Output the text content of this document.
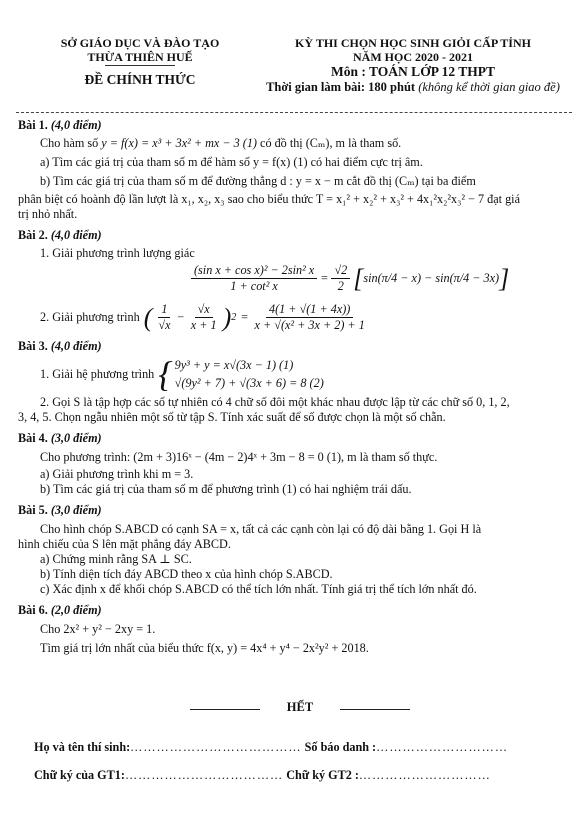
SỞ GIÁO DỤC VÀ ĐÀO TẠO
THỪA THIÊN HUẾ
ĐỀ CHÍNH THỨC
KỲ THI CHỌN HỌC SINH GIỎI CẤP TỈNH
NĂM HỌC 2020 - 2021
Môn : TOÁN LỚP 12 THPT
Thời gian làm bài: 180 phút (không kể thời gian giao đề)
Bài 1. (4,0 điểm)

Cho hàm số y = f(x) = x³ + 3x² + mx − 3 (1) có đồ thị (Cₘ), m là tham số.

a) Tìm các giá trị của tham số m để hàm số y = f(x) (1) có hai điểm cực trị âm.

b) Tìm các giá trị của tham số m để đường thẳng d : y = x − m cắt đồ thị (Cₘ) tại ba điểm

phân biệt có hoành độ lần lượt là x₁, x₂, x₃ sao cho biểu thức T = x₁² + x₂² + x₃² + 4x₁²x₂²x₃² − 7 đạt giá

trị nhỏ nhất.

Bài 2. (4,0 điểm)

1. Giải phương trình lượng giác

$\frac{\text{(sin x + cos x)² − 2sin² x}}{\text{1 + cot² x}} = \frac{√2}{2}$ [ sin(π/4 − x) − sin(π/4 − 3x) ]
2. Giải phương trình ( $\frac{1}{√x} - \frac{√x}{x + 1}$ ) $2 = \frac{4(1 + √(1 + 4x))}{\text{x + √(x² + 3x + 2) + 1}}$
Bài 3. (4,0 điểm)
1. Giải hệ phương trình { 9y³ + y = x√(3x − 1) (1)
√(9y² + 7) + √(3x + 6) = 8 (2)

2. Gọi S là tập hợp các số tự nhiên có 4 chữ số đôi một khác nhau được lập từ các chữ số 0, 1, 2,

3, 4, 5. Chọn ngẫu nhiên một số từ tập S. Tính xác suất để số được chọn là một số chẵn.

Bài 4. (3,0 điểm)

Cho phương trình: (2m + 3)16ˣ − (4m − 2)4ˣ + 3m − 8 = 0 (1), m là tham số thực.

a) Giải phương trình khi m = 3.

b) Tìm các giá trị của tham số m để phương trình (1) có hai nghiệm trái dấu.

Bài 5. (3,0 điểm)

Cho hình chóp S.ABCD có cạnh SA = x, tất cả các cạnh còn lại có độ dài bằng 1. Gọi H là

hình chiếu của S lên mặt phẳng đáy ABCD.

a) Chứng minh rằng SA ⊥ SC.

b) Tính diện tích đáy ABCD theo x của hình chóp S.ABCD.

c) Xác định x để khối chóp S.ABCD có thể tích lớn nhất. Tính giá trị thể tích lớn nhất đó.

Bài 6. (2,0 điểm)

Cho 2x² + y² − 2xy = 1.

Tìm giá trị lớn nhất của biểu thức f(x, y) = 4x⁴ + y⁴ − 2x²y² + 2018.

HẾT
Họ và tên thí sinh:………………………………… Số báo danh :…………………………
Chữ ký của GT1:……………………………… Chữ ký GT2 :…………………………
